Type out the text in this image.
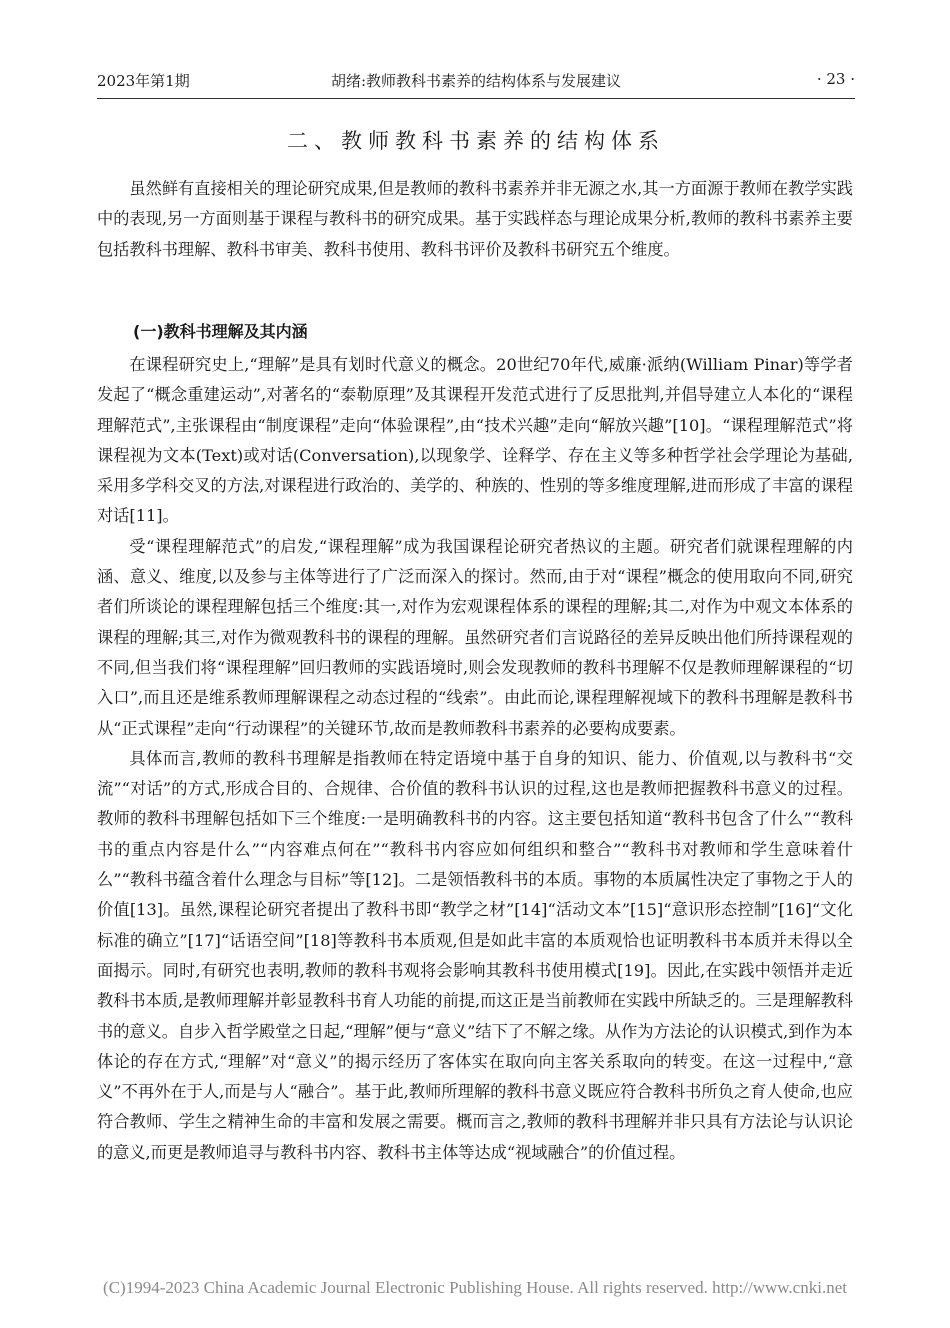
2023年第1期	胡绪:教师教科书素养的结构体系与发展建议	· 23 ·
二、教师教科书素养的结构体系

虽然鲜有直接相关的理论研究成果,但是教师的教科书素养并非无源之水,其一方面源于教师在教学实践中的表现,另一方面则基于课程与教科书的研究成果。基于实践样态与理论成果分析,教师的教科书素养主要包括教科书理解、教科书审美、教科书使用、教科书评价及教科书研究五个维度。

(一)教科书理解及其内涵

在课程研究史上,“理解”是具有划时代意义的概念。20世纪70年代,威廉·派纳(William Pinar)等学者发起了“概念重建运动”,对著名的“泰勒原理”及其课程开发范式进行了反思批判,并倡导建立人本化的“课程理解范式”,主张课程由“制度课程”走向“体验课程”,由“技术兴趣”走向“解放兴趣”[10]。“课程理解范式”将课程视为文本(Text)或对话(Conversation),以现象学、诠释学、存在主义等多种哲学社会学理论为基础,采用多学科交叉的方法,对课程进行政治的、美学的、种族的、性别的等多维度理解,进而形成了丰富的课程对话[11]。

受“课程理解范式”的启发,“课程理解”成为我国课程论研究者热议的主题。研究者们就课程理解的内涵、意义、维度,以及参与主体等进行了广泛而深入的探讨。然而,由于对“课程”概念的使用取向不同,研究者们所谈论的课程理解包括三个维度:其一,对作为宏观课程体系的课程的理解;其二,对作为中观文本体系的课程的理解;其三,对作为微观教科书的课程的理解。虽然研究者们言说路径的差异反映出他们所持课程观的不同,但当我们将“课程理解”回归教师的实践语境时,则会发现教师的教科书理解不仅是教师理解课程的“切入口”,而且还是维系教师理解课程之动态过程的“线索”。由此而论,课程理解视域下的教科书理解是教科书从“正式课程”走向“行动课程”的关键环节,故而是教师教科书素养的必要构成要素。

具体而言,教师的教科书理解是指教师在特定语境中基于自身的知识、能力、价值观,以与教科书“交流”“对话”的方式,形成合目的、合规律、合价值的教科书认识的过程,这也是教师把握教科书意义的过程。教师的教科书理解包括如下三个维度:一是明确教科书的内容。这主要包括知道“教科书包含了什么”“教科书的重点内容是什么”“内容难点何在”“教科书内容应如何组织和整合”“教科书对教师和学生意味着什么”“教科书蕴含着什么理念与目标”等[12]。二是领悟教科书的本质。事物的本质属性决定了事物之于人的价值[13]。虽然,课程论研究者提出了教科书即“教学之材”[14]“活动文本”[15]“意识形态控制”[16]“文化标准的确立”[17]“话语空间”[18]等教科书本质观,但是如此丰富的本质观恰也证明教科书本质并未得以全面揭示。同时,有研究也表明,教师的教科书观将会影响其教科书使用模式[19]。因此,在实践中领悟并走近教科书本质,是教师理解并彰显教科书育人功能的前提,而这正是当前教师在实践中所缺乏的。三是理解教科书的意义。自步入哲学殿堂之日起,“理解”便与“意义”结下了不解之缘。从作为方法论的认识模式,到作为本体论的存在方式,“理解”对“意义”的揭示经历了客体实在取向向主客关系取向的转变。在这一过程中,“意义”不再外在于人,而是与人“融合”。基于此,教师所理解的教科书意义既应符合教科书所负之育人使命,也应符合教师、学生之精神生命的丰富和发展之需要。概而言之,教师的教科书理解并非只具有方法论与认识论的意义,而更是教师追寻与教科书内容、教科书主体等达成“视域融合”的价值过程。

(C)1994-2023 China Academic Journal Electronic Publishing House. All rights reserved. http://www.cnki.net
